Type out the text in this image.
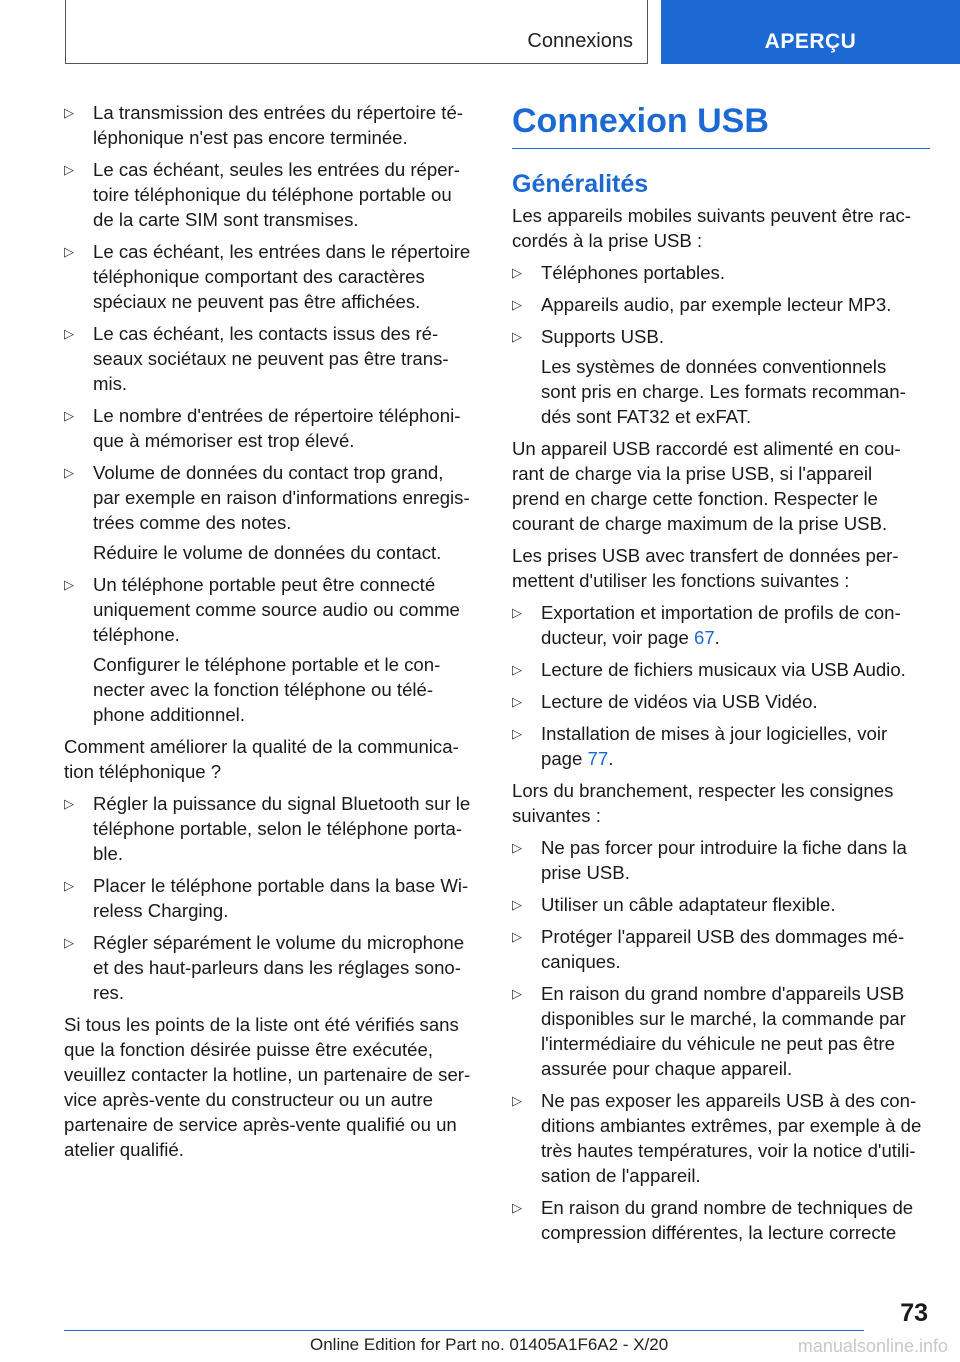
Connexions	APERÇU
▷ La transmission des entrées du répertoire té-
léphonique n'est pas encore terminée.
▷ Le cas échéant, seules les entrées du réper-
toire téléphonique du téléphone portable ou
de la carte SIM sont transmises.
▷ Le cas échéant, les entrées dans le répertoire
téléphonique comportant des caractères
spéciaux ne peuvent pas être affichées.
▷ Le cas échéant, les contacts issus des ré-
seaux sociétaux ne peuvent pas être trans-
mis.
▷ Le nombre d'entrées de répertoire téléphoni-
que à mémoriser est trop élevé.
▷ Volume de données du contact trop grand,
par exemple en raison d'informations enregis-
trées comme des notes.
Réduire le volume de données du contact.
▷ Un téléphone portable peut être connecté
uniquement comme source audio ou comme
téléphone.
Configurer le téléphone portable et le con-
necter avec la fonction téléphone ou télé-
phone additionnel.
Comment améliorer la qualité de la communica-
tion téléphonique ?
▷ Régler la puissance du signal Bluetooth sur le
téléphone portable, selon le téléphone porta-
ble.
▷ Placer le téléphone portable dans la base Wi-
reless Charging.
▷ Régler séparément le volume du microphone
et des haut-parleurs dans les réglages sono-
res.
Si tous les points de la liste ont été vérifiés sans
que la fonction désirée puisse être exécutée,
veuillez contacter la hotline, un partenaire de ser-
vice après-vente du constructeur ou un autre
partenaire de service après-vente qualifié ou un
atelier qualifié.
Connexion USB
Généralités
Les appareils mobiles suivants peuvent être rac-
cordés à la prise USB :
▷ Téléphones portables.
▷ Appareils audio, par exemple lecteur MP3.
▷ Supports USB.
Les systèmes de données conventionnels
sont pris en charge. Les formats recomman-
dés sont FAT32 et exFAT.
Un appareil USB raccordé est alimenté en cou-
rant de charge via la prise USB, si l'appareil
prend en charge cette fonction. Respecter le
courant de charge maximum de la prise USB.
Les prises USB avec transfert de données per-
mettent d'utiliser les fonctions suivantes :
▷ Exportation et importation de profils de con-
ducteur, voir page 67.
▷ Lecture de fichiers musicaux via USB Audio.
▷ Lecture de vidéos via USB Vidéo.
▷ Installation de mises à jour logicielles, voir
page 77.
Lors du branchement, respecter les consignes
suivantes :
▷ Ne pas forcer pour introduire la fiche dans la
prise USB.
▷ Utiliser un câble adaptateur flexible.
▷ Protéger l'appareil USB des dommages mé-
caniques.
▷ En raison du grand nombre d'appareils USB
disponibles sur le marché, la commande par
l'intermédiaire du véhicule ne peut pas être
assurée pour chaque appareil.
▷ Ne pas exposer les appareils USB à des con-
ditions ambiantes extrêmes, par exemple à de
très hautes températures, voir la notice d'utili-
sation de l'appareil.
▷ En raison du grand nombre de techniques de
compression différentes, la lecture correcte
73
Online Edition for Part no. 01405A1F6A2 - X/20	manualsonline.info
